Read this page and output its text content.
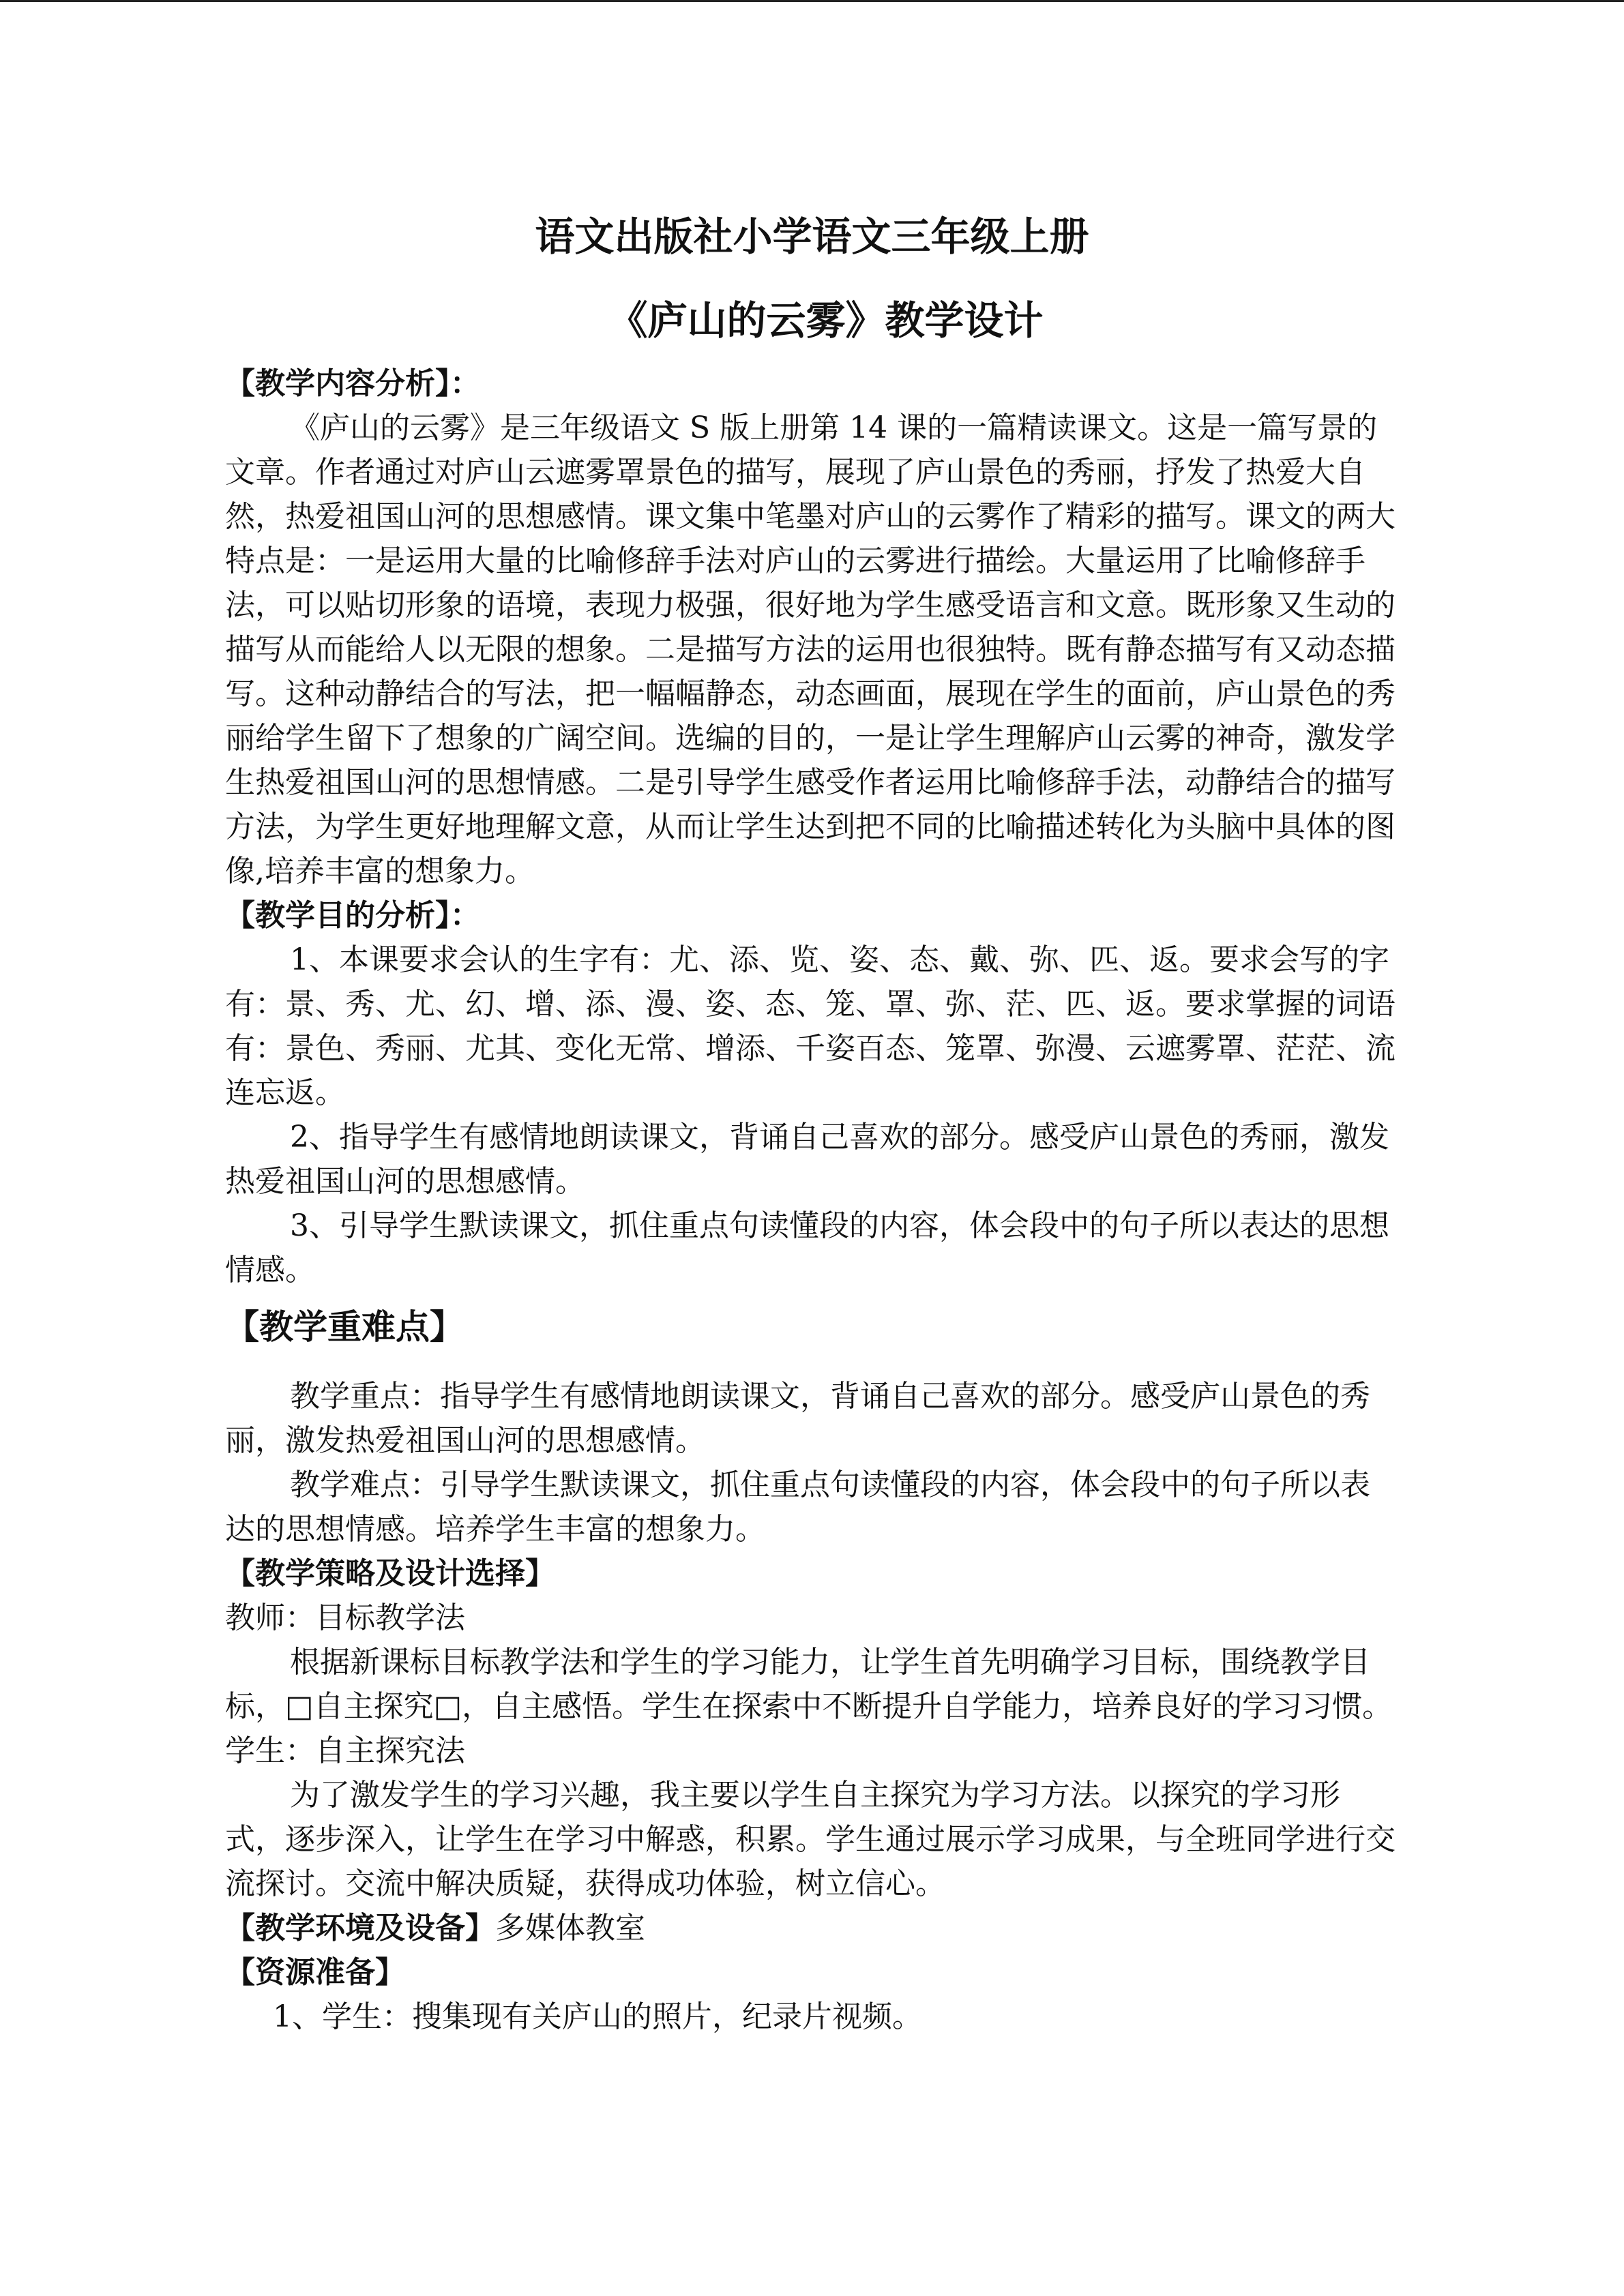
语文出版社小学语文三年级上册
《庐山的云雾》教学设计

【教学内容分析】：

《庐山的云雾》是三年级语文 S 版上册第 14 课的一篇精读课文。这是一篇写景的文章。作者通过对庐山云遮雾罩景色的描写，展现了庐山景色的秀丽，抒发了热爱大自然，热爱祖国山河的思想感情。课文集中笔墨对庐山的云雾作了精彩的描写。课文的两大特点是：一是运用大量的比喻修辞手法对庐山的云雾进行描绘。大量运用了比喻修辞手法，可以贴切形象的语境，表现力极强，很好地为学生感受语言和文意。既形象又生动的描写从而能给人以无限的想象。二是描写方法的运用也很独特。既有静态描写有又动态描写。这种动静结合的写法，把一幅幅静态，动态画面，展现在学生的面前，庐山景色的秀丽给学生留下了想象的广阔空间。选编的目的，一是让学生理解庐山云雾的神奇，激发学生热爱祖国山河的思想情感。二是引导学生感受作者运用比喻修辞手法，动静结合的描写方法，为学生更好地理解文意，从而让学生达到把不同的比喻描述转化为头脑中具体的图像,培养丰富的想象力。

【教学目的分析】：

1、本课要求会认的生字有：尤、添、览、姿、态、戴、弥、匹、返。要求会写的字有：景、秀、尤、幻、增、添、漫、姿、态、笼、罩、弥、茫、匹、返。要求掌握的词语有：景色、秀丽、尤其、变化无常、增添、千姿百态、笼罩、弥漫、云遮雾罩、茫茫、流连忘返。

2、指导学生有感情地朗读课文，背诵自己喜欢的部分。感受庐山景色的秀丽，激发热爱祖国山河的思想感情。

3、引导学生默读课文，抓住重点句读懂段的内容，体会段中的句子所以表达的思想情感。

【教学重难点】

教学重点：指导学生有感情地朗读课文，背诵自己喜欢的部分。感受庐山景色的秀丽，激发热爱祖国山河的思想感情。

教学难点：引导学生默读课文，抓住重点句读懂段的内容，体会段中的句子所以表达的思想情感。培养学生丰富的想象力。

【教学策略及设计选择】

教师：目标教学法

根据新课标目标教学法和学生的学习能力，让学生首先明确学习目标，围绕教学目标，□自主探究□，自主感悟。学生在探索中不断提升自学能力，培养良好的学习习惯。

学生：自主探究法

为了激发学生的学习兴趣，我主要以学生自主探究为学习方法。以探究的学习形式，逐步深入，让学生在学习中解惑，积累。学生通过展示学习成果，与全班同学进行交流探讨。交流中解决质疑，获得成功体验，树立信心。

【教学环境及设备】多媒体教室

【资源准备】

1、学生：搜集现有关庐山的照片，纪录片视频。
